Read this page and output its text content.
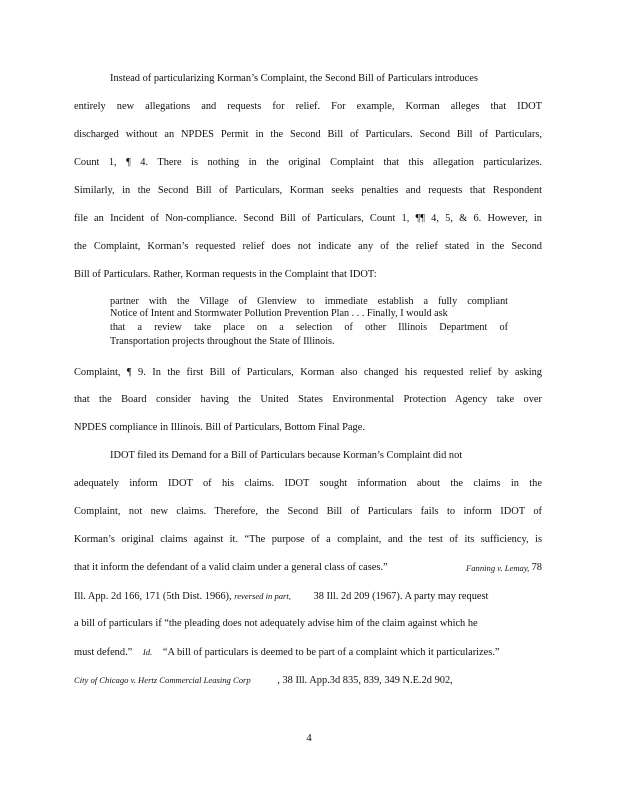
Instead of particularizing Korman’s Complaint, the Second Bill of Particulars introduces
entirely new allegations and requests for relief. For example, Korman alleges that IDOT
discharged without an NPDES Permit in the Second Bill of Particulars. Second Bill of Particulars,
Count 1, ¶ 4. There is nothing in the original Complaint that this allegation particularizes.
Similarly, in the Second Bill of Particulars, Korman seeks penalties and requests that Respondent
file an Incident of Non-compliance. Second Bill of Particulars, Count 1, ¶¶ 4, 5, & 6. However, in
the Complaint, Korman’s requested relief does not indicate any of the relief stated in the Second
Bill of Particulars. Rather, Korman requests in the Complaint that IDOT:
partner with the Village of Glenview to immediate establish a fully compliant
Notice of Intent and Stormwater Pollution Prevention Plan . . . Finally, I would ask
that a review take place on a selection of other Illinois Department of
Transportation projects throughout the State of Illinois.
Complaint, ¶ 9. In the first Bill of Particulars, Korman also changed his requested relief by asking
that the Board consider having the United States Environmental Protection Agency take over
NPDES compliance in Illinois. Bill of Particulars, Bottom Final Page.
IDOT filed its Demand for a Bill of Particulars because Korman’s Complaint did not
adequately inform IDOT of his claims. IDOT sought information about the claims in the
Complaint, not new claims. Therefore, the Second Bill of Particulars fails to inform IDOT of
Korman’s original claims against it. “The purpose of a complaint, and the test of its sufficiency, is
that it inform the defendant of a valid claim under a general class of cases.”	Fanning v. Lemay, 78
Ill. App. 2d 166, 171 (5th Dist. 1966), reversed in part, 38 Ill. 2d 209 (1967). A party may request
a bill of particulars if “the pleading does not adequately advise him of the claim against which he
must defend.” Id. “A bill of particulars is deemed to be part of a complaint which it particularizes.”
City of Chicago v. Hertz Commercial Leasing Corp	, 38 Ill. App.3d 835, 839, 349 N.E.2d 902,
4
